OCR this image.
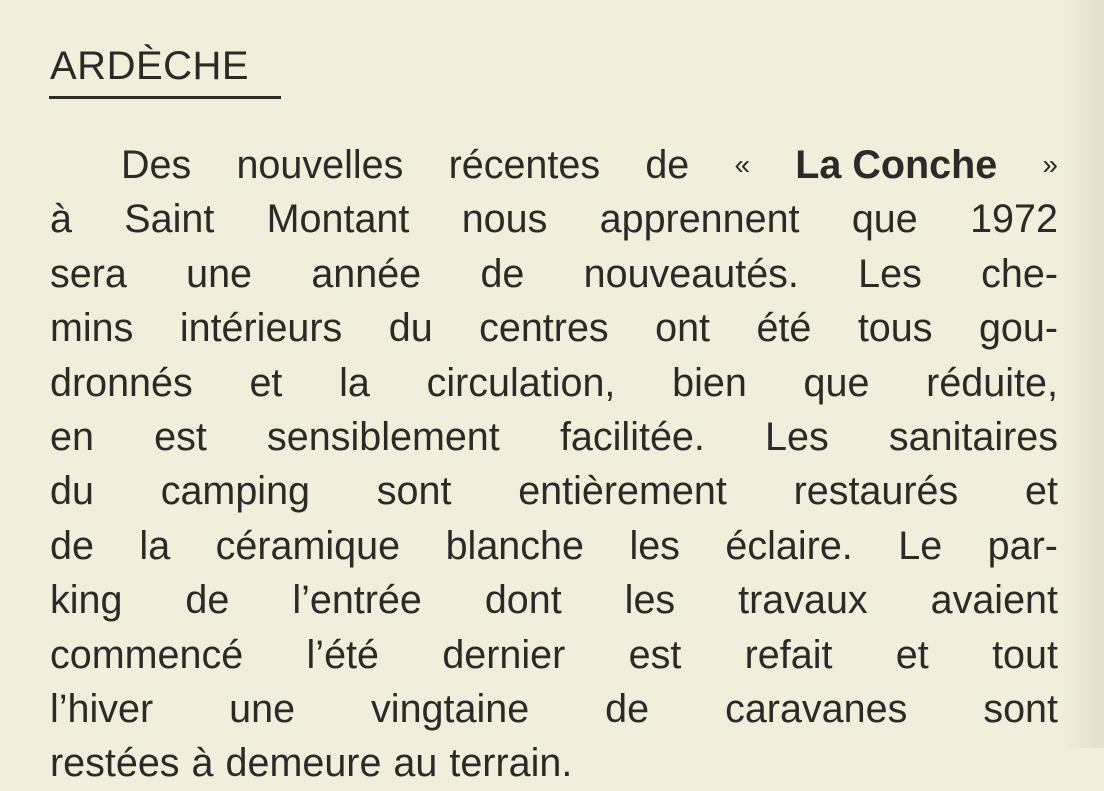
ARDÈCHE
Des nouvelles récentes de « La Conche »
à Saint Montant nous apprennent que 1972
sera une année de nouveautés. Les che-
mins intérieurs du centres ont été tous gou-
dronnés et la circulation, bien que réduite,
en est sensiblement facilitée. Les sanitaires
du camping sont entièrement restaurés et
de la céramique blanche les éclaire. Le par-
king de l’entrée dont les travaux avaient
commencé l’été dernier est refait et tout
l’hiver une vingtaine de caravanes sont
restées à demeure au terrain.
